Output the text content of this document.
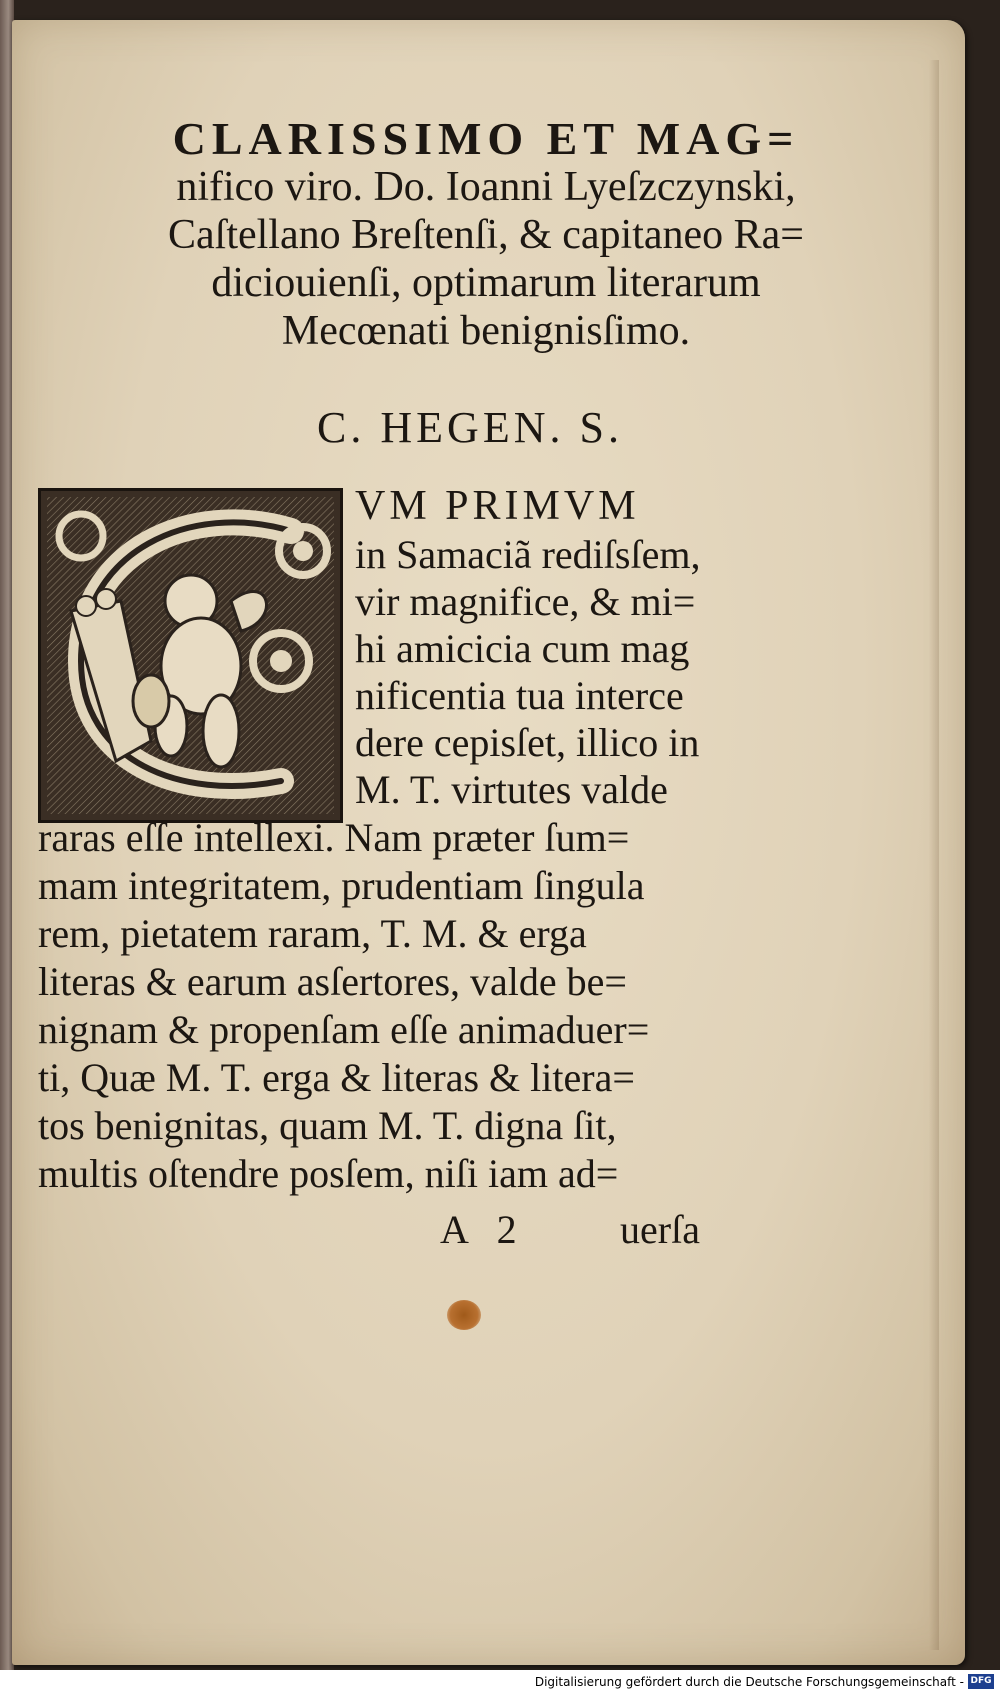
CLARISSIMO ET MAG=
nifico viro. Do. Ioanni Lyeſzczynski,
Caſtellano Breſtenſi, & capitaneo Ra=
diciouienſi, optimarum literarum
Mecœnati benignisſimo.
C. HEGEN. S.
VM PRIMVM
in Samaciã rediſsſem,
vir magnifice, & mi=
hi amicicia cum mag
nificentia tua interce
dere cepisſet, illico in
M. T. virtutes valde
raras eſſe intellexi. Nam præter ſum=
mam integritatem, prudentiam ſingula
rem, pietatem raram, T. M. & erga
literas & earum asſertores, valde be=
nignam & propenſam eſſe animaduer=
ti, Quæ M. T. erga & literas & litera=
tos benignitas, quam M. T. digna ſit,
multis oſtendre posſem, niſi iam ad=
A 2 uerſa
Digitalisierung gefördert durch die Deutsche Forschungsgemeinschaft - DFG
